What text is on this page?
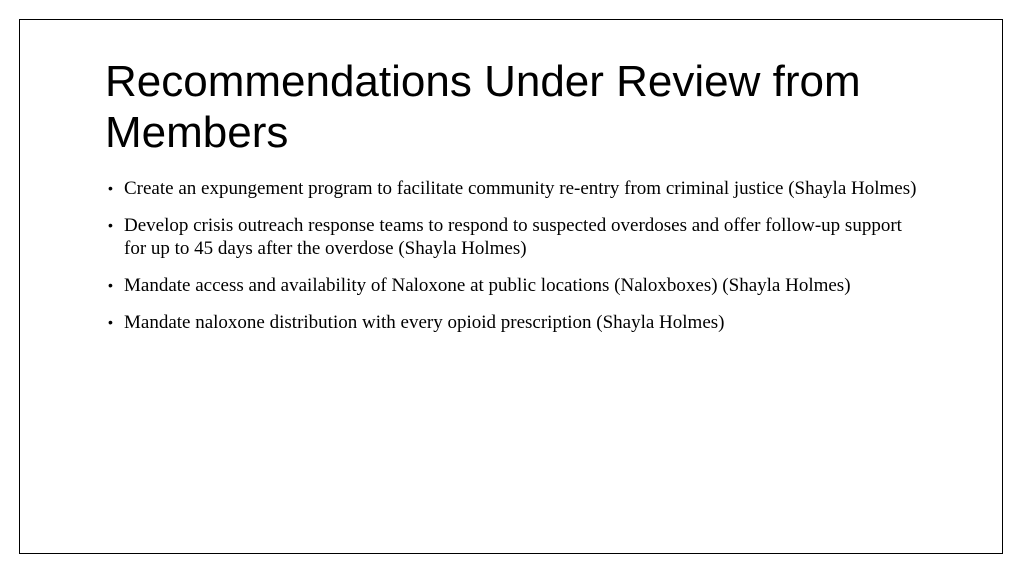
Recommendations Under Review from Members
• Create an expungement program to facilitate community re-entry from criminal justice (Shayla Holmes)
• Develop crisis outreach response teams to respond to suspected overdoses and offer follow-up support for up to 45 days after the overdose (Shayla Holmes)
• Mandate access and availability of Naloxone at public locations (Naloxboxes) (Shayla Holmes)
• Mandate naloxone distribution with every opioid prescription (Shayla Holmes)
